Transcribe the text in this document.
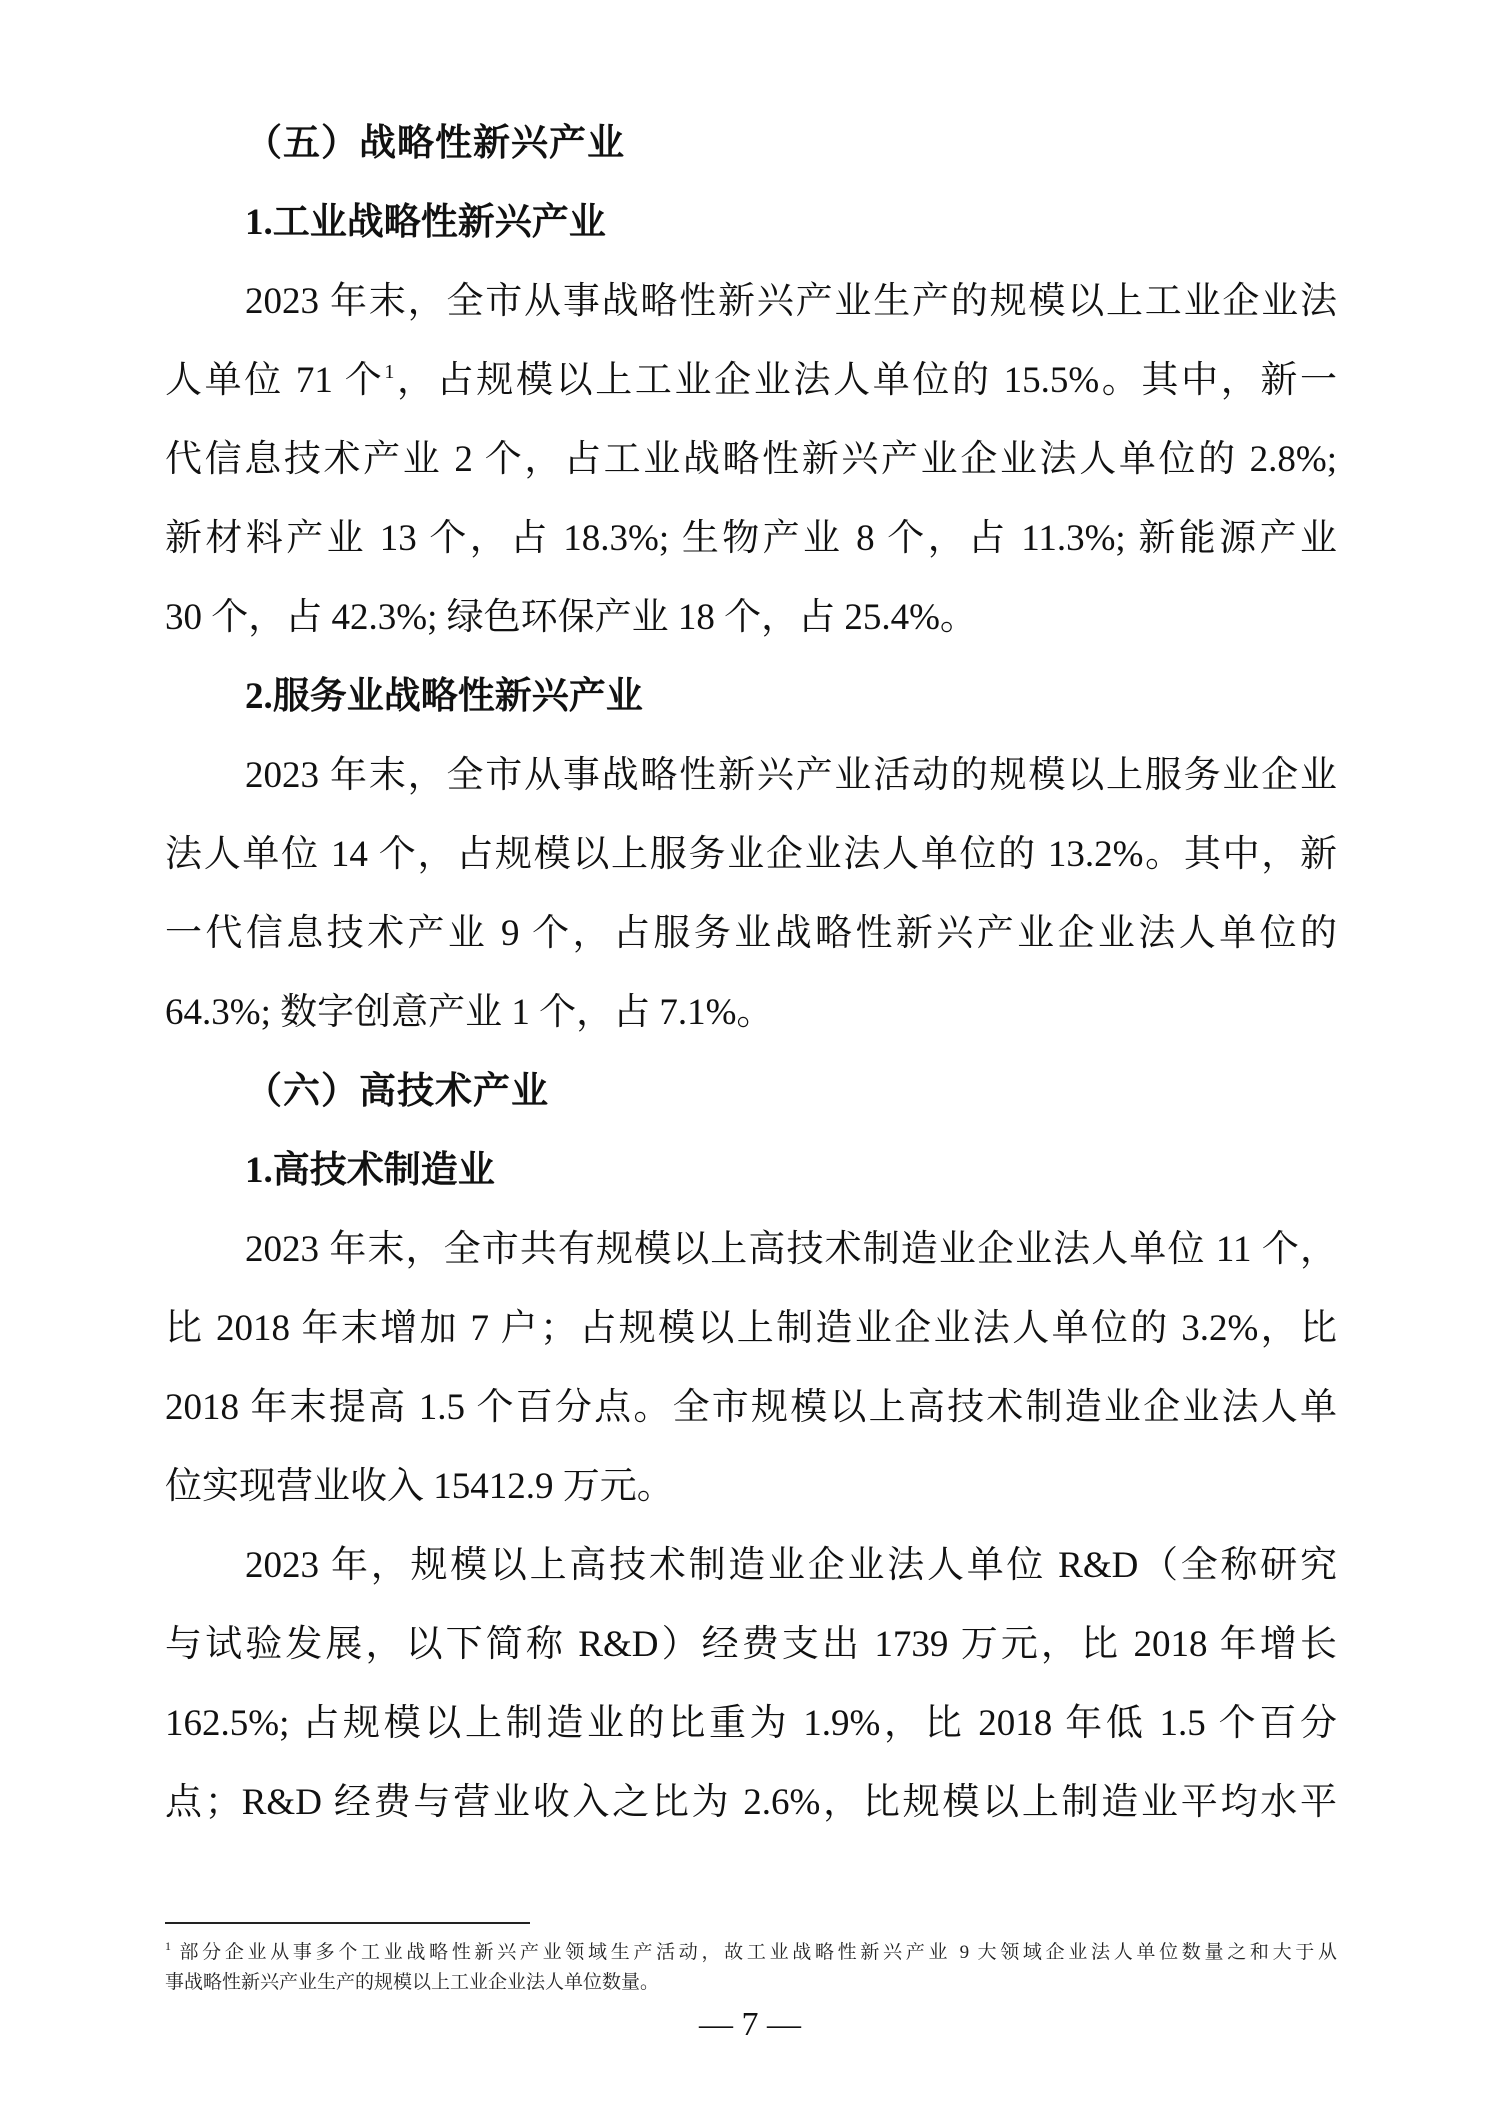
（五）战略性新兴产业
1.工业战略性新兴产业
2023 年末，全市从事战略性新兴产业生产的规模以上工业企业法
人单位 71 个$^1$，占规模以上工业企业法人单位的 15.5%。其中，新一
代信息技术产业 2 个，占工业战略性新兴产业企业法人单位的 2.8%;
新材料产业 13 个，占 18.3%; 生物产业 8 个，占 11.3%; 新能源产业
30 个，占 42.3%; 绿色环保产业 18 个，占 25.4%。
2.服务业战略性新兴产业
2023 年末，全市从事战略性新兴产业活动的规模以上服务业企业
法人单位 14 个，占规模以上服务业企业法人单位的 13.2%。其中，新
一代信息技术产业 9 个，占服务业战略性新兴产业企业法人单位的
64.3%; 数字创意产业 1 个，占 7.1%。
（六）高技术产业
1.高技术制造业
2023 年末，全市共有规模以上高技术制造业企业法人单位 11 个，
比 2018 年末增加 7 户；占规模以上制造业企业法人单位的 3.2%，比
2018 年末提高 1.5 个百分点。全市规模以上高技术制造业企业法人单
位实现营业收入 15412.9 万元。
2023 年，规模以上高技术制造业企业法人单位 R&D（全称研究
与试验发展，以下简称 R&D）经费支出 1739 万元，比 2018 年增长
162.5%; 占规模以上制造业的比重为 1.9%，比 2018 年低 1.5 个百分
点；R&D 经费与营业收入之比为 2.6%，比规模以上制造业平均水平
$^1$ 部分企业从事多个工业战略性新兴产业领域生产活动，故工业战略性新兴产业 9 大领域企业法人单位数量之和大于从
事战略性新兴产业生产的规模以上工业企业法人单位数量。
— 7 —
